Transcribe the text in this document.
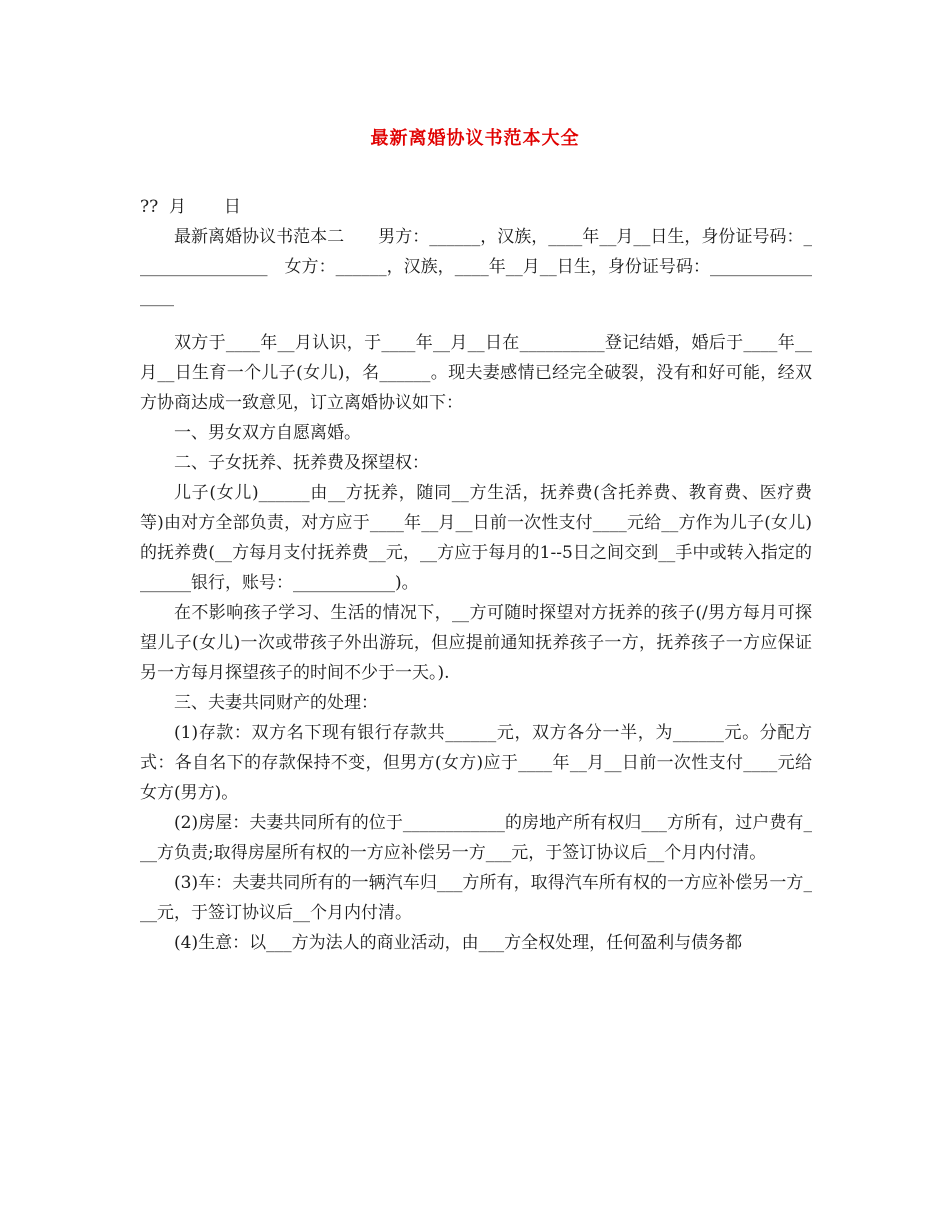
最新离婚协议书范本大全
??  月       日

最新离婚协议书范本二　　男方：______，汉族，____年__月__日生，身份证号码：________________　女方：______，汉族，____年__月__日生，身份证号码：________________

双方于____年__月认识，于____年__月__日在__________登记结婚，婚后于____年__月__日生育一个儿子(女儿)，名______。现夫妻感情已经完全破裂，没有和好可能，经双方协商达成一致意见，订立离婚协议如下：

一、男女双方自愿离婚。

二、子女抚养、抚养费及探望权：

儿子(女儿)______由__方抚养，随同__方生活，抚养费(含托养费、教育费、医疗费等)由对方全部负责，对方应于____年__月__日前一次性支付____元给__方作为儿子(女儿)的抚养费(__方每月支付抚养费__元，__方应于每月的1--5日之间交到__手中或转入指定的______银行，账号：____________)。

在不影响孩子学习、生活的情况下，__方可随时探望对方抚养的孩子(/男方每月可探望儿子(女儿)一次或带孩子外出游玩，但应提前通知抚养孩子一方，抚养孩子一方应保证另一方每月探望孩子的时间不少于一天。).

三、夫妻共同财产的处理：

(1)存款：双方名下现有银行存款共______元，双方各分一半，为______元。分配方式：各自名下的存款保持不变，但男方(女方)应于____年__月__日前一次性支付____元给女方(男方)。

(2)房屋：夫妻共同所有的位于____________的房地产所有权归___方所有，过户费有___方负责;取得房屋所有权的一方应补偿另一方___元，于签订协议后__个月内付清。

(3)车：夫妻共同所有的一辆汽车归___方所有，取得汽车所有权的一方应补偿另一方___元，于签订协议后__个月内付清。

(4)生意：以___方为法人的商业活动，由___方全权处理，任何盈利与债务都
